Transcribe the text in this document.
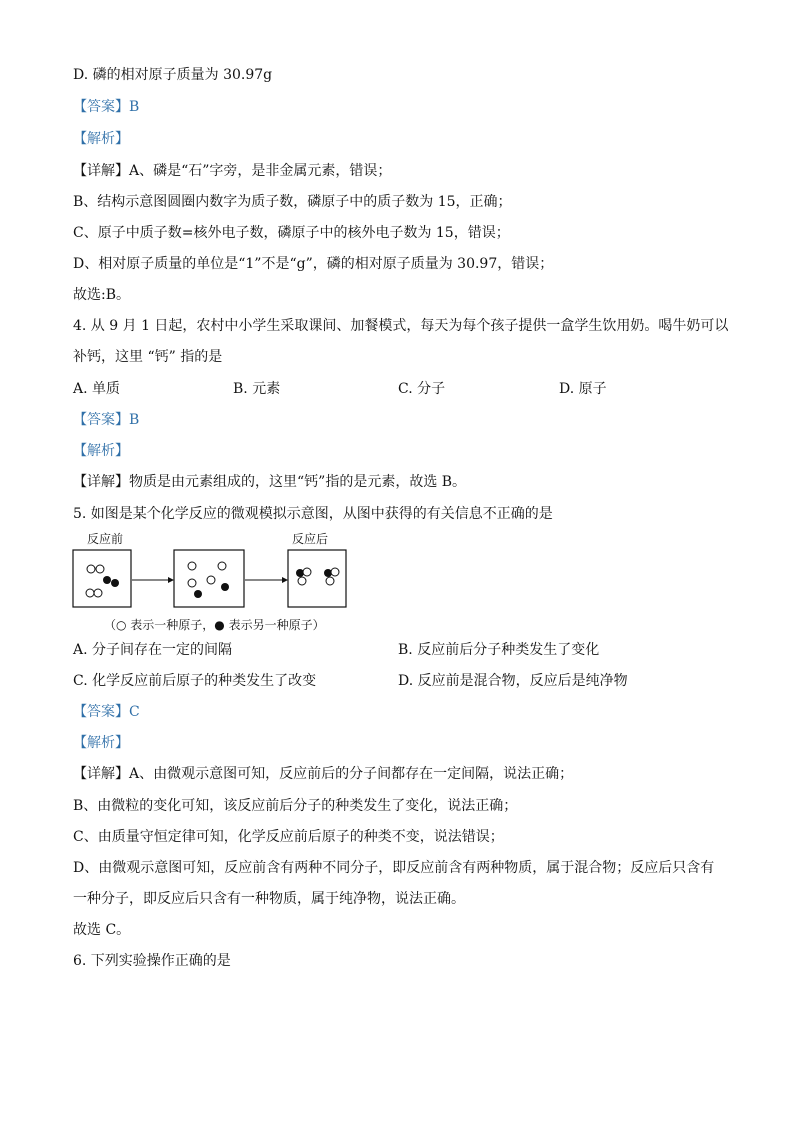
D. 磷的相对原子质量为 30.97g
【答案】B
【解析】
【详解】A、磷是“石”字旁，是非金属元素，错误；
B、结构示意图圆圈内数字为质子数，磷原子中的质子数为 15，正确；
C、原子中质子数=核外电子数，磷原子中的核外电子数为 15，错误；
D、相对原子质量的单位是“1”不是“g”，磷的相对原子质量为 30.97，错误；
故选:B。
4. 从 9 月 1 日起，农村中小学生采取课间、加餐模式，每天为每个孩子提供一盒学生饮用奶。喝牛奶可以
补钙，这里 “钙” 指的是
A. 单质	B. 元素	C. 分子	D. 原子
【答案】B
【解析】
【详解】物质是由元素组成的，这里“钙”指的是元素，故选 B。
5. 如图是某个化学反应的微观模拟示意图，从图中获得的有关信息不正确的是
反应前	反应后
（○ 表示一种原子，● 表示另一种原子）
A. 分子间存在一定的间隔	B. 反应前后分子种类发生了变化
C. 化学反应前后原子的种类发生了改变	D. 反应前是混合物，反应后是纯净物
【答案】C
【解析】
【详解】A、由微观示意图可知，反应前后的分子间都存在一定间隔，说法正确；
B、由微粒的变化可知，该反应前后分子的种类发生了变化，说法正确；
C、由质量守恒定律可知，化学反应前后原子的种类不变，说法错误；
D、由微观示意图可知，反应前含有两种不同分子，即反应前含有两种物质，属于混合物；反应后只含有
一种分子，即反应后只含有一种物质，属于纯净物，说法正确。
故选 C。
6. 下列实验操作正确的是
